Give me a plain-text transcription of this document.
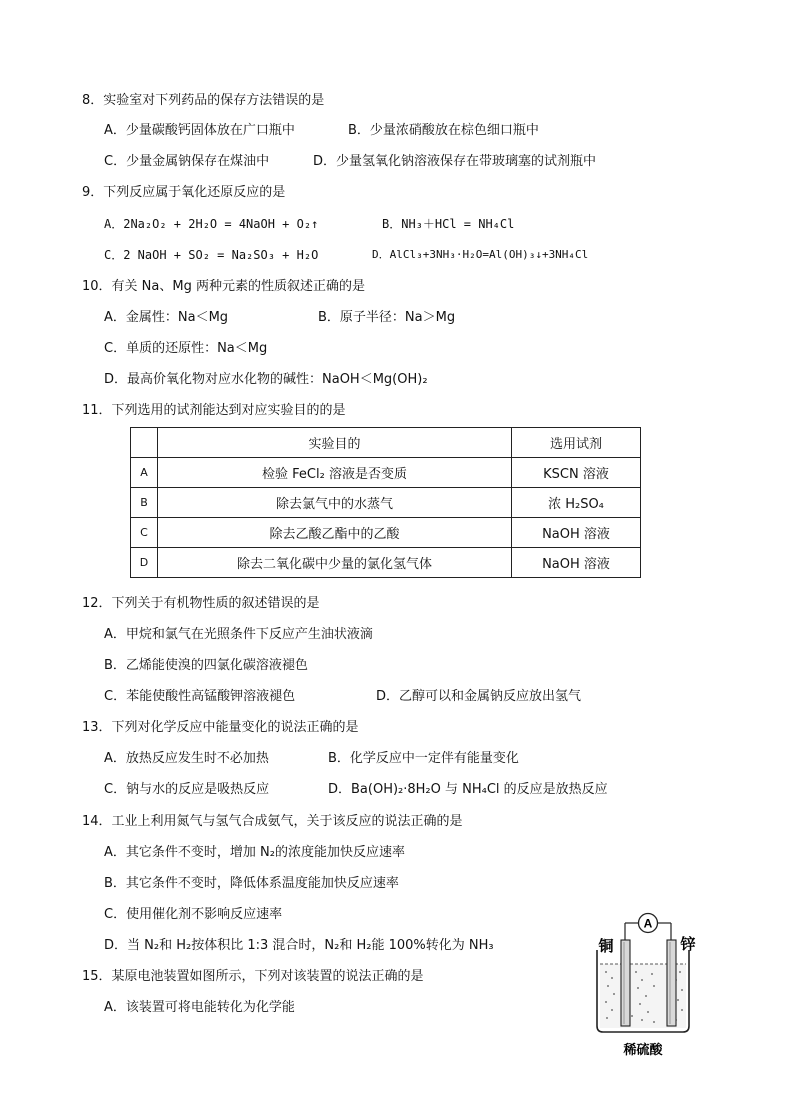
8．实验室对下列药品的保存方法错误的是
A．少量碳酸钙固体放在广口瓶中	B．少量浓硝酸放在棕色细口瓶中
C．少量金属钠保存在煤油中	D．少量氢氧化钠溶液保存在带玻璃塞的试剂瓶中
9．下列反应属于氧化还原反应的是
A．2Na₂O₂ + 2H₂O = 4NaOH + O₂↑	B．NH₃＋HCl = NH₄Cl
C．2 NaOH + SO₂ = Na₂SO₃ + H₂O	D．AlCl₃+3NH₃·H₂O=Al(OH)₃↓+3NH₄Cl
10．有关 Na、Mg 两种元素的性质叙述正确的是
A．金属性：Na＜Mg	B．原子半径：Na＞Mg
C．单质的还原性：Na＜Mg
D．最高价氧化物对应水化物的碱性：NaOH＜Mg(OH)₂
11．下列选用的试剂能达到对应实验目的的是
	实验目的	选用试剂
A	检验 FeCl₂ 溶液是否变质	KSCN 溶液
B	除去氯气中的水蒸气	浓 H₂SO₄
C	除去乙酸乙酯中的乙酸	NaOH 溶液
D	除去二氧化碳中少量的氯化氢气体	NaOH 溶液
12．下列关于有机物性质的叙述错误的是
A．甲烷和氯气在光照条件下反应产生油状液滴
B．乙烯能使溴的四氯化碳溶液褪色
C．苯能使酸性高锰酸钾溶液褪色	D．乙醇可以和金属钠反应放出氢气
13．下列对化学反应中能量变化的说法正确的是
A．放热反应发生时不必加热	B．化学反应中一定伴有能量变化
C．钠与水的反应是吸热反应	D．Ba(OH)₂·8H₂O 与 NH₄Cl 的反应是放热反应
14．工业上利用氮气与氢气合成氨气，关于该反应的说法正确的是
A．其它条件不变时，增加 N₂的浓度能加快反应速率
B．其它条件不变时，降低体系温度能加快反应速率
C．使用催化剂不影响反应速率
D．当 N₂和 H₂按体积比 1:3 混合时，N₂和 H₂能 100%转化为 NH₃
15．某原电池装置如图所示，下列对该装置的说法正确的是
A．该装置可将电能转化为化学能
A
铜	锌
稀硫酸
